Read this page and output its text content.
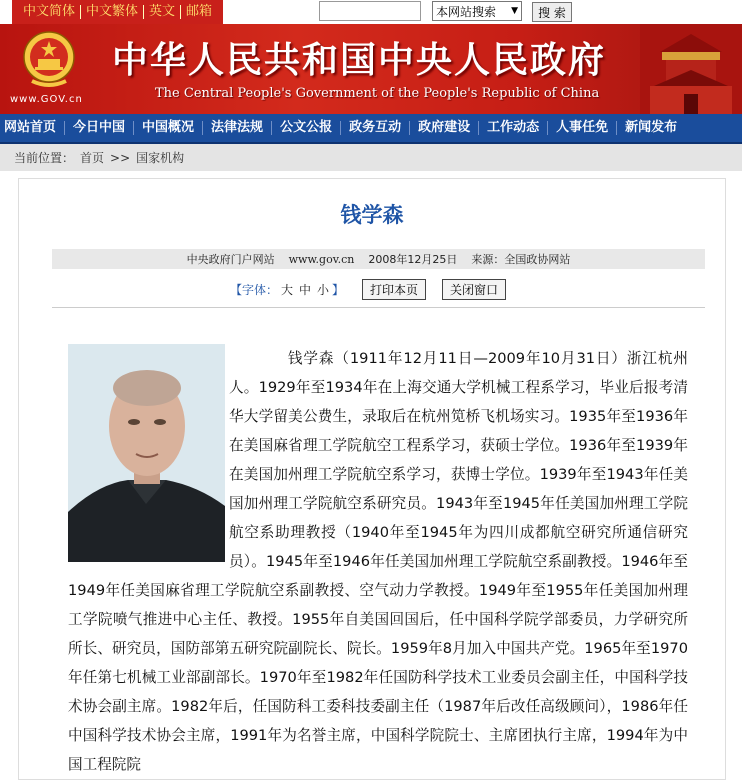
中文简体 中文繁体 英文 邮箱	本网站搜索 ▼	搜 索
www.GOV.cn
中华人民共和国中央人民政府
The Central People's Government of the People's Republic of China
网站首页	今日中国	中国概况	法律法规	公文公报	政务互动	政府建设	工作动态	人事任免	新闻发布
当前位置： 首页 >> 国家机构
钱学森
中央政府门户网站 www.gov.cn 2008年12月25日 来源：全国政协网站
【字体： 大 中 小 】	打印本页	关闭窗口
钱学森（1911年12月11日—2009年10月31日）浙江杭州人。1929年至1934年在上海交通大学机械工程系学习，毕业后报考清华大学留美公费生，录取后在杭州笕桥飞机场实习。1935年至1936年在美国麻省理工学院航空工程系学习，获硕士学位。1936年至1939年在美国加州理工学院航空系学习，获博士学位。1939年至1943年任美国加州理工学院航空系研究员。1943年至1945年任美国加州理工学院航空系助理教授（1940年至1945年为四川成都航空研究所通信研究员）。1945年至1946年任美国加州理工学院航空系副教授。1946年至1949年任美国麻省理工学院航空系副教授、空气动力学教授。1949年至1955年任美国加州理工学院喷气推进中心主任、教授。1955年自美国回国后，任中国科学院学部委员，力学研究所所长、研究员，国防部第五研究院副院长、院长。1959年8月加入中国共产党。1965年至1970年任第七机械工业部副部长。1970年至1982年任国防科学技术工业委员会副主任，中国科学技术协会副主席。1982年后，任国防科工委科技委副主任（1987年后改任高级顾问），1986年任中国科学技术协会主席，1991年为名誉主席，中国科学院院士、主席团执行主席，1994年为中国工程院院
